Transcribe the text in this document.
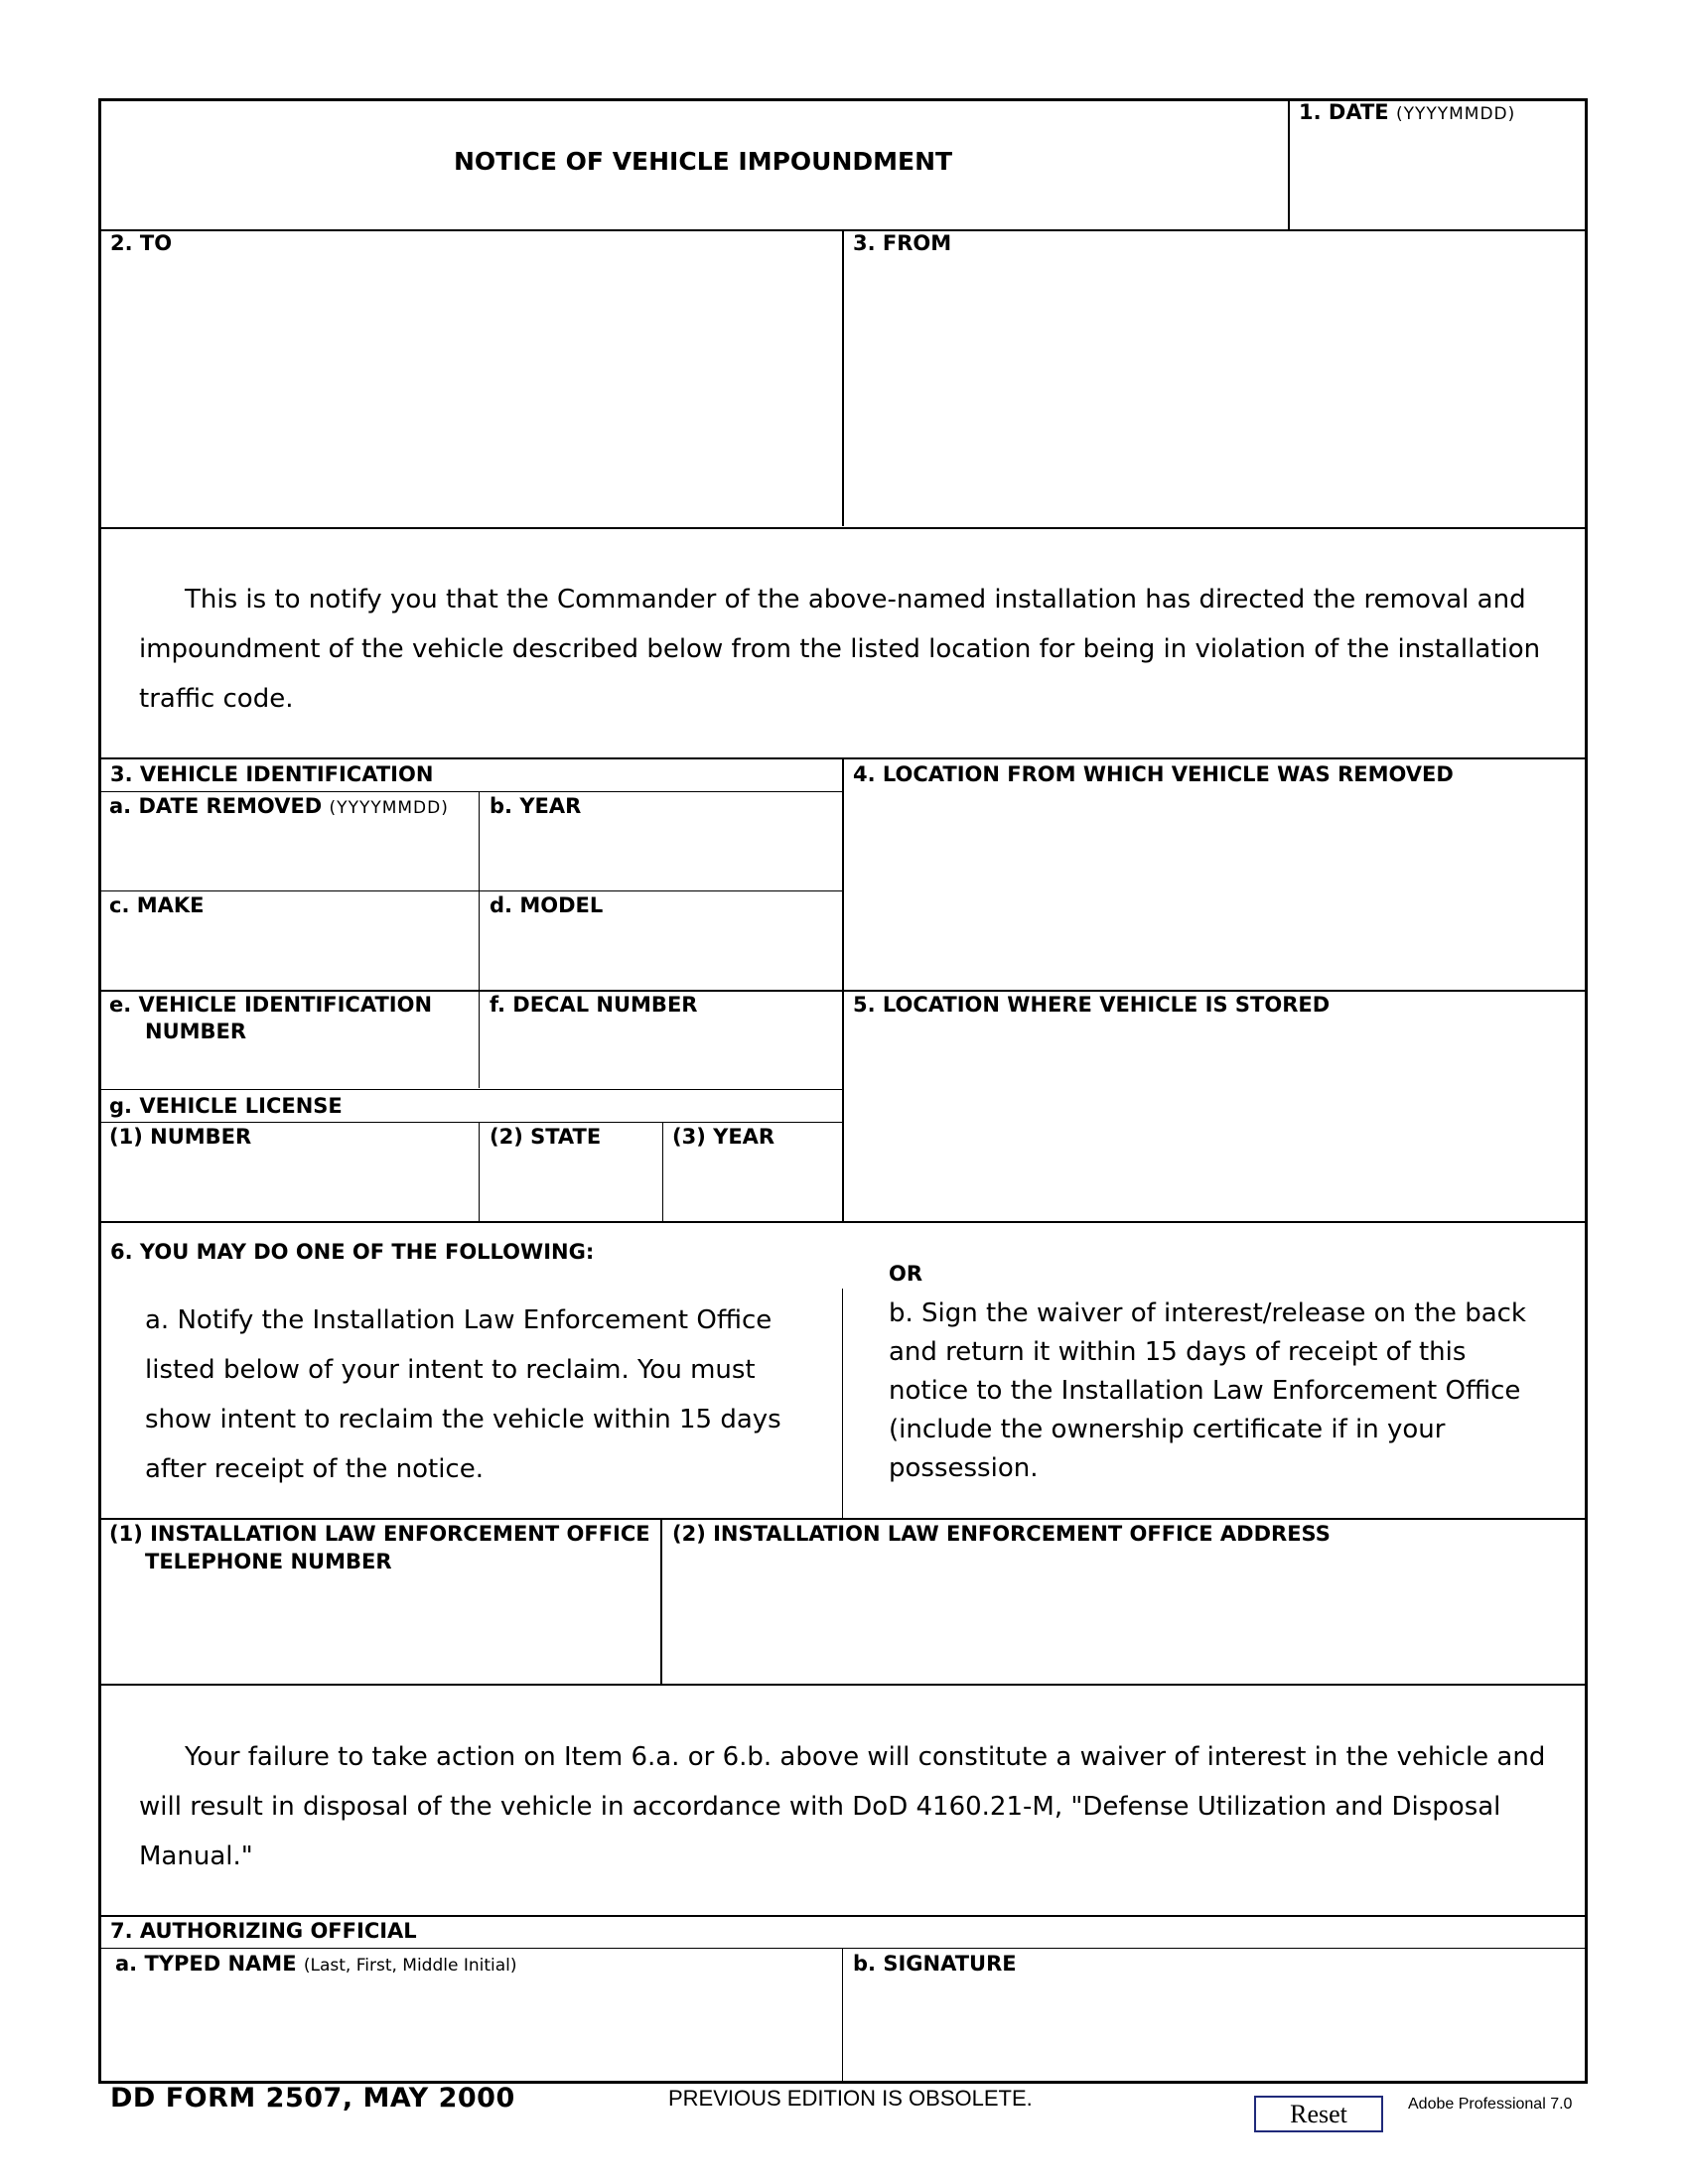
NOTICE OF VEHICLE IMPOUNDMENT
1. DATE (YYYYMMDD)
2. TO	3. FROM
This is to notify you that the Commander of the above-named installation has directed the removal and impoundment of the vehicle described below from the listed location for being in violation of the installation traffic code.
3. VEHICLE IDENTIFICATION
a. DATE REMOVED (YYYYMMDD) b. YEAR
c. MAKE	d. MODEL
e. VEHICLE IDENTIFICATION
NUMBER
f. DECAL NUMBER
g. VEHICLE LICENSE
(1) NUMBER	(2) STATE	(3) YEAR
4. LOCATION FROM WHICH VEHICLE WAS REMOVED
5. LOCATION WHERE VEHICLE IS STORED
6. YOU MAY DO ONE OF THE FOLLOWING:
a. Notify the Installation Law Enforcement Office
listed below of your intent to reclaim. You must
show intent to reclaim the vehicle within 15 days
after receipt of the notice.
OR
b. Sign the waiver of interest/release on the back
and return it within 15 days of receipt of this
notice to the Installation Law Enforcement Office
(include the ownership certificate if in your
possession.
(1) INSTALLATION LAW ENFORCEMENT OFFICE
TELEPHONE NUMBER
(2) INSTALLATION LAW ENFORCEMENT OFFICE ADDRESS
Your failure to take action on Item 6.a. or 6.b. above will constitute a waiver of interest in the vehicle and will result in disposal of the vehicle in accordance with DoD 4160.21-M, "Defense Utilization and Disposal Manual."
7. AUTHORIZING OFFICIAL
a. TYPED NAME (Last, First, Middle Initial)	b. SIGNATURE
DD FORM 2507, MAY 2000	PREVIOUS EDITION IS OBSOLETE.
Reset	Adobe Professional 7.0
